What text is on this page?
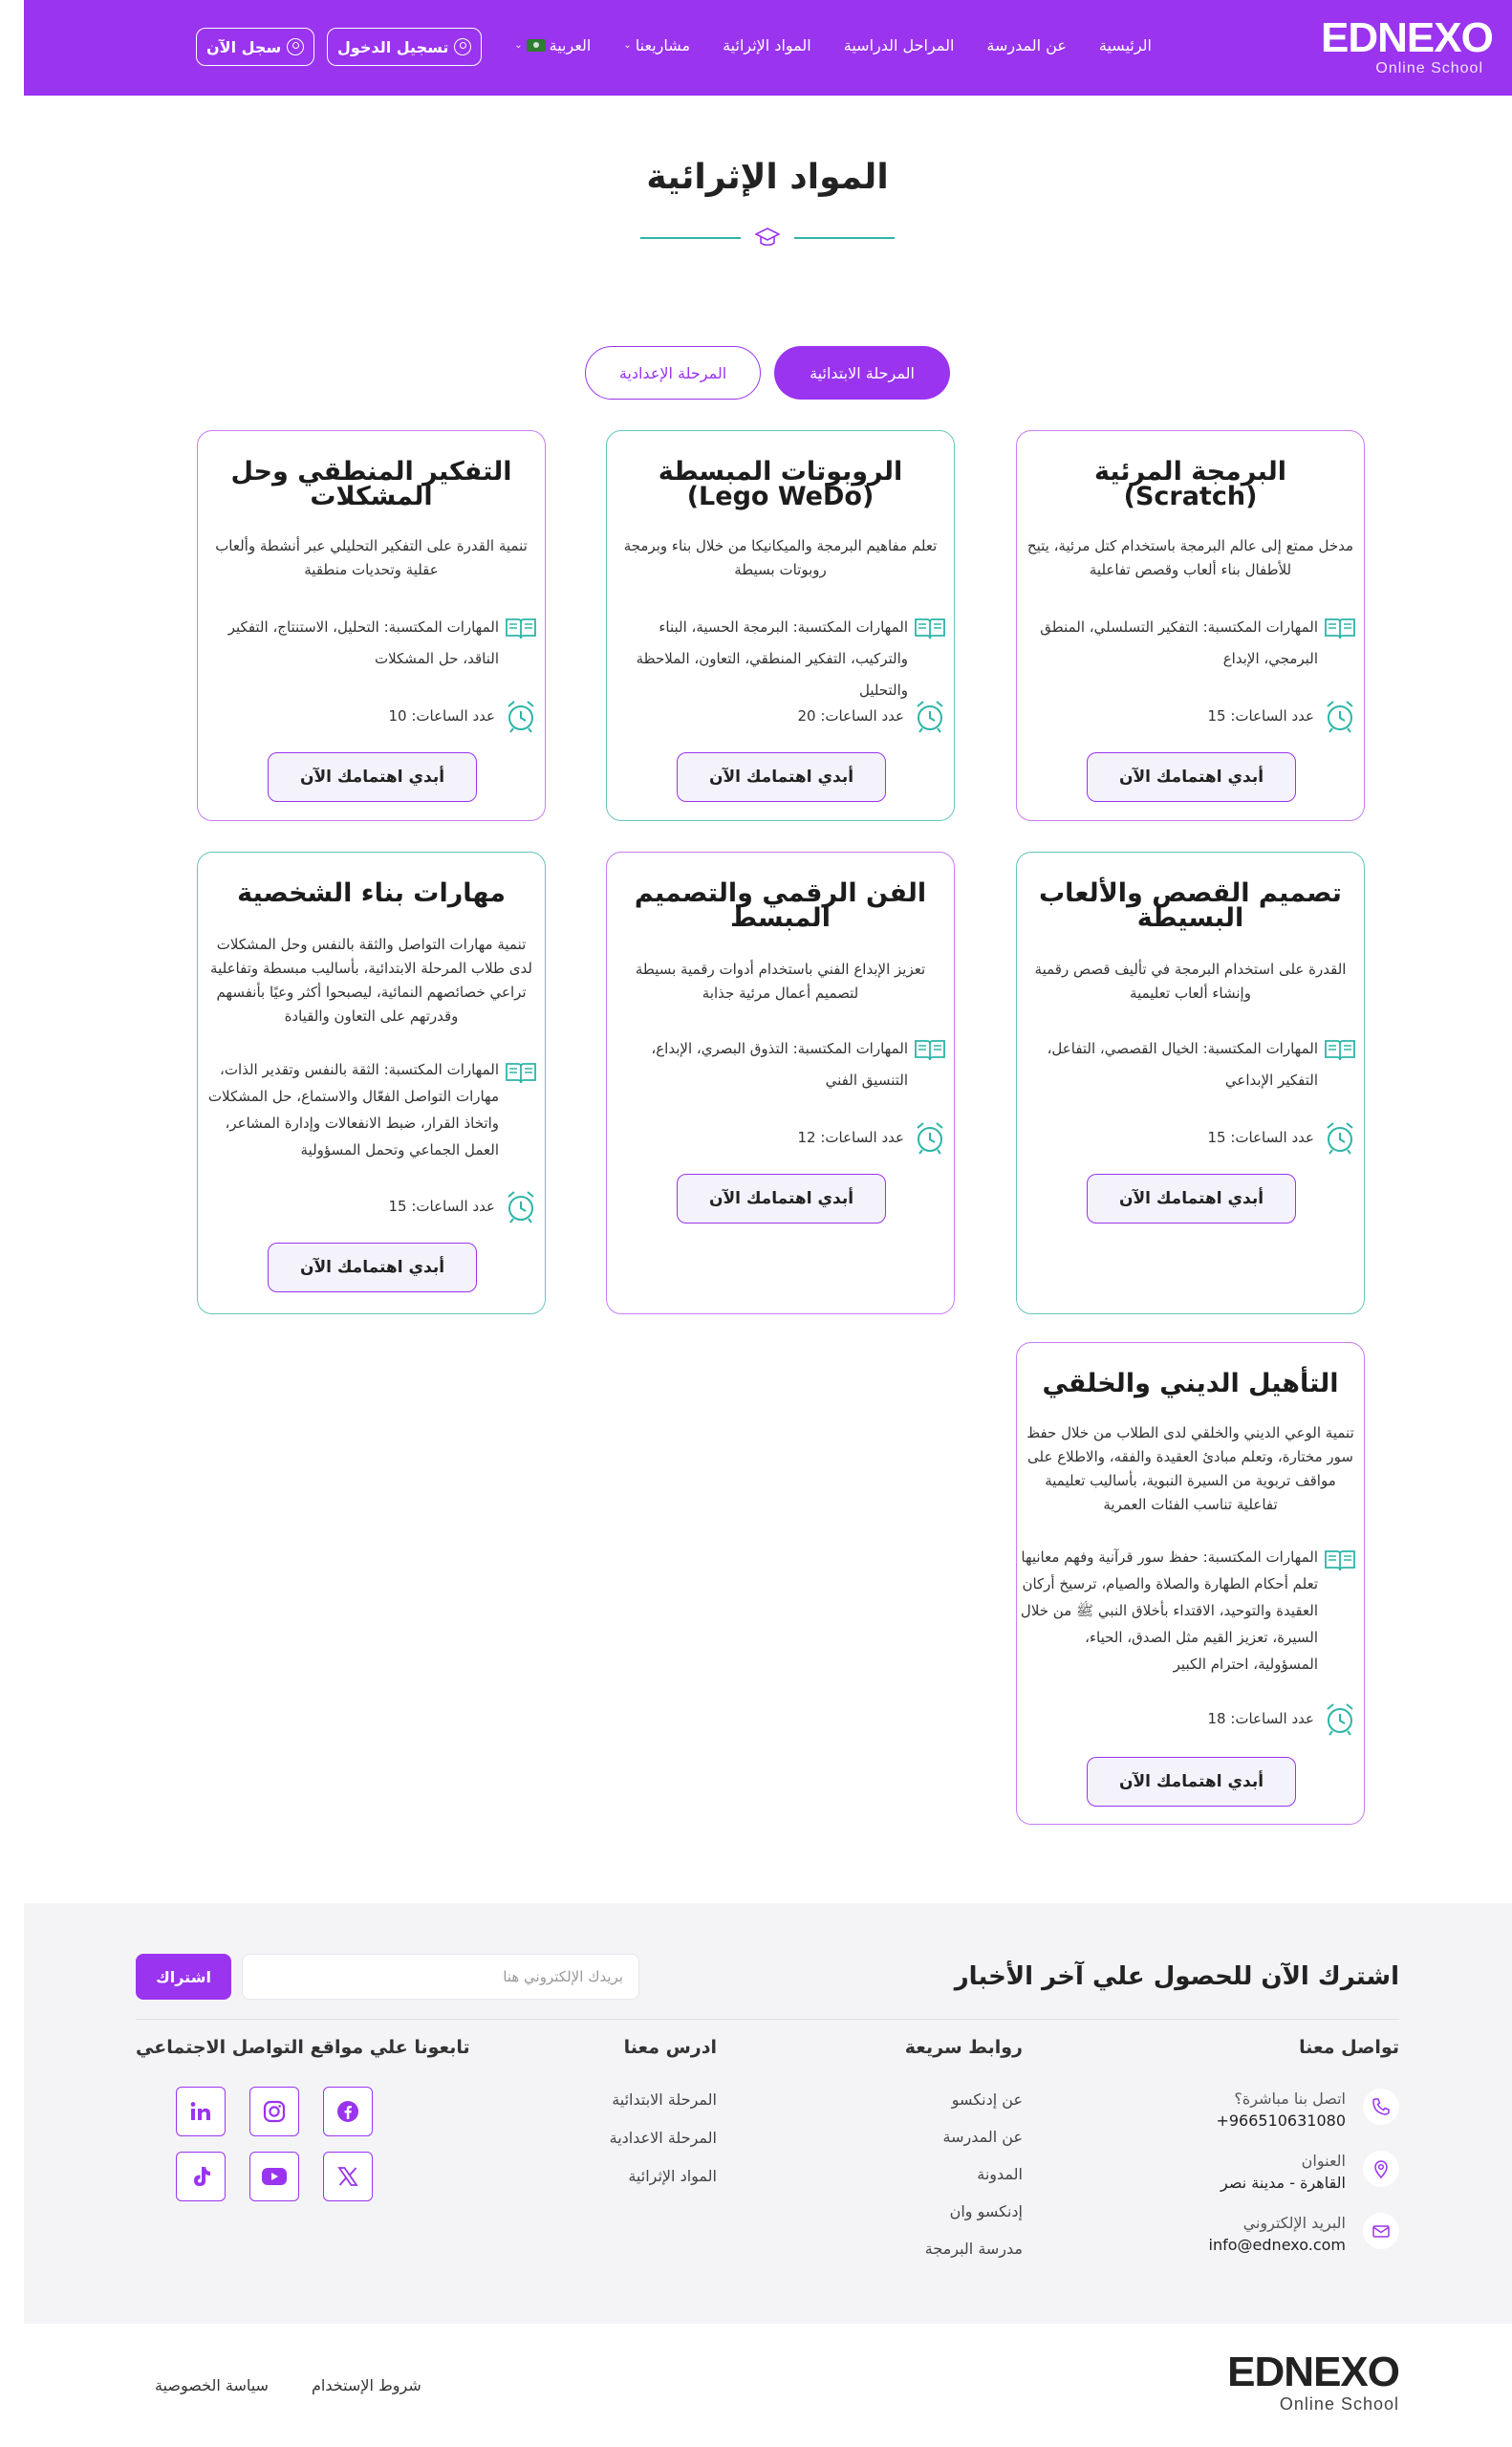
EDNEXO
Online School
الرئيسية
عن المدرسة
المراحل الدراسية
المواد الإثرائية
مشاريعنا
⌄
العربية
⌄
تسجيل الدخول
سجل الآن
المواد الإثرائية
المرحلة الابتدائية
المرحلة الإعدادية
البرمجة المرئية (Scratch)
مدخل ممتع إلى عالم البرمجة باستخدام كتل مرئية، يتيح للأطفال بناء ألعاب وقصص تفاعلية
المهارات المكتسبة: التفكير التسلسلي، المنطق البرمجي، الإبداع
عدد الساعات: 15
أبدي اهتمامك الآن
الروبوتات المبسطة (Lego WeDo)
تعلم مفاهيم البرمجة والميكانيكا من خلال بناء وبرمجة روبوتات بسيطة
المهارات المكتسبة: البرمجة الحسية، البناء والتركيب، التفكير المنطقي، التعاون، الملاحظة والتحليل
عدد الساعات: 20
أبدي اهتمامك الآن
التفكير المنطقي وحل المشكلات
تنمية القدرة على التفكير التحليلي عبر أنشطة وألعاب عقلية وتحديات منطقية
المهارات المكتسبة: التحليل، الاستنتاج، التفكير الناقد، حل المشكلات
عدد الساعات: 10
أبدي اهتمامك الآن
تصميم القصص والألعاب البسيطة
القدرة على استخدام البرمجة في تأليف قصص رقمية وإنشاء ألعاب تعليمية
المهارات المكتسبة: الخيال القصصي، التفاعل، التفكير الإبداعي
عدد الساعات: 15
أبدي اهتمامك الآن
الفن الرقمي والتصميم المبسط
تعزيز الإبداع الفني باستخدام أدوات رقمية بسيطة لتصميم أعمال مرئية جذابة
المهارات المكتسبة: التذوق البصري، الإبداع، التنسيق الفني
عدد الساعات: 12
أبدي اهتمامك الآن
مهارات بناء الشخصية
تنمية مهارات التواصل والثقة بالنفس وحل المشكلات لدى طلاب المرحلة الابتدائية، بأساليب مبسطة وتفاعلية تراعي خصائصهم النمائية، ليصبحوا أكثر وعيًا بأنفسهم وقدرتهم على التعاون والقيادة
المهارات المكتسبة: الثقة بالنفس وتقدير الذات، مهارات التواصل الفعّال والاستماع، حل المشكلات واتخاذ القرار، ضبط الانفعالات وإدارة المشاعر، العمل الجماعي وتحمل المسؤولية
عدد الساعات: 15
أبدي اهتمامك الآن
التأهيل الديني والخلقي
تنمية الوعي الديني والخلقي لدى الطلاب من خلال حفظ سور مختارة، وتعلم مبادئ العقيدة والفقه، والاطلاع على مواقف تربوية من السيرة النبوية، بأساليب تعليمية تفاعلية تناسب الفئات العمرية
المهارات المكتسبة: حفظ سور قرآنية وفهم معانيها تعلم أحكام الطهارة والصلاة والصيام، ترسيخ أركان العقيدة والتوحيد، الاقتداء بأخلاق النبي ﷺ من خلال السيرة، تعزيز القيم مثل الصدق، الحياء، المسؤولية، احترام الكبير
عدد الساعات: 18
أبدي اهتمامك الآن
اشترك الآن للحصول علي آخر الأخبار
بريدك الإلكتروني هنا
اشتراك
تواصل معنا
اتصل بنا مباشرة؟
+966510631080
العنوان
القاهرة - مدينة نصر
البريد الإلكتروني
info@ednexo.com
روابط سريعة
عن إدنكسو
عن المدرسة
المدونة
إدنكسو وان
مدرسة البرمجة
ادرس معنا
المرحلة الابتدائية
المرحلة الاعدادية
المواد الإثرائية
تابعونا علي مواقع التواصل الاجتماعي
EDNEXO
Online School
شروط الإستخدام
سياسة الخصوصية
